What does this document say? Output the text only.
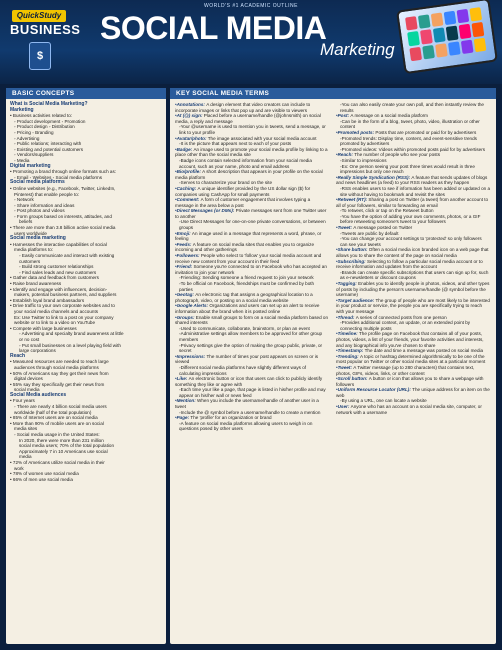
WORLD'S #1 ACADEMIC OUTLINE
QuickStudy
BUSINESS
$
SOCIAL MEDIA
Marketing
BASIC CONCEPTS

What is Social Media Marketing?

Marketing

• Business activities related to:

◦ Product development ◦ Promotion

◦ Product design ◦ Distribution

◦ Pricing ◦ Branding

◦ Advertising

◦ Public relations; interacting with

◦ Existing and potential customers

◦ Vendors/suppliers

◦ Media

Digital marketing

• Promoting a brand through online formats such as:

◦ Email ◦ Websites ◦ Social media platforms

Social media platforms

• Online websites (e.g., Facebook, Twitter, LinkedIn,

Pinterest) that enable people to:

◦ Network

◦ Share information and ideas

◦ Post photos and videos

◦ Form groups based on interests, attitudes, and

beliefs

• There are more than 3.8 billion active social media

users worldwide

Social media marketing

• Harnesses the interactive capabilities of social

media platforms to:

◦ Easily communicate and interact with existing

customers

◦ Build strong customer relationships

◦ Find sales leads and new customers

• Gather data and feedback from customers

• Raise brand awareness

• Identify and engage with influencers, decision-

makers, potential business partners, and suppliers

• Establish loyal brand ambassadors

• Drive traffic to your own corporate websites and to

your social media channels and accounts

Ex: Use Twitter to link to a post on your company

website or to link to a video on YouTube

• Compete with large businesses

◦ Advertising and specialty brand awareness at little

or no cost

◦ Put small businesses on a level playing field with

large corporations

Reach

• Measured resources are needed to reach large

audiences through social media platforms

• 50% of Americans say they get their news from

digital devices

• 55% say they specifically get their news from

social media

Social Media audiences

• Four years

◦ There are nearly 4 billion social media users

worldwide (half of the total population)

• 85% of Internet users are on social media

• More than 90% of mobile users are on social

media sites

◦ Social media usage in the United States:

In 2020, there were more than 231 million

social media users; 70% of the total population

Approximately 7 in 10 Americans use social

media

• 72% of Americans utilize social media in their

work

• 78% of women use social media

• 66% of men use social media

KEY SOCIAL MEDIA TERMS

•Annotations: A design element that video creators can include to incorporate images or links that pop up and are visible to viewers

•At (@) sign: Placed before a username/handle (@johnsmith) on social media, a reply and message

◦Your @username is used to mention you in tweets, send a message, or link to your profile

•Avatar/photo: The image associated with your social media account

◦It is the picture that appears next to each of your posts

•Badge: An image used to promote your social media profile by linking to a place other than the social media site

◦Badge icons contain selected information from your social media account, such as your name, photo and email address

•Bio/profile: A short description that appears in your profile on the social media platform

◦Serves to characterize your brand on the site

•Caching: A unique identifier provided by the US dollar sign ($) for companies using CashApp for small payments

•Comment: A form of customer engagement that involves typing a message in the area below a post

•Direct Messages (or DMs): Private messages sent from one Twitter user to another

◦Use Direct Messages for one-on-one private conversations, or between groups

•Emoji: An image used in a message that represents a word, phrase, or feeling

•Feeds: A feature on social media sites that enables you to organize incoming and other gatherings

•Followers: People who select to 'follow' your social media account and receive new content from your account in their feed

•Friend: Someone you're connected to on Facebook who has accepted an invitation to join your network

◦Friending: Sending someone a friend request to join your network

◦To be official on Facebook, friendships must be confirmed by both parties

•Geotag: An electronic tag that assigns a geographical location to a photograph, video, or posting on a social media website

•Google Alerts: Organizations and users can set up an alert to receive information about the brand when it is posted online

•Groups: Enable small groups to form on a social media platform based on shared interests

◦Used to communicate, collaborate, brainstorm, or plan an event

◦Administrative settings allow members to be approved for other group members

◦Privacy settings give the option of making the group public, private, or secret

•Impressions: The number of times your post appears on screen or is viewed

◦Different social media platforms have slightly different ways of calculating impressions

•Like: An electronic button or icon that users can click to publicly identify something they like or agree with

◦Each time your like a page, that page is listed in his/her profile and may appear on his/her wall or news feed

•Mention: When you include the username/handle of another user in a tweet

◦Include the @ symbol before a username/handle to create a mention

•Page: The 'profile' for an organization or brand

◦A feature on social media platforms allowing users to weigh in on questions posed by other users

◦You can also easily create your own poll, and then instantly review the results

•Post: A message on a social media platform

◦Can be in the form of a blog, tweet, photo, video, illustration or other content

•Promoted posts: Posts that are promoted or paid for by advertisers

◦Promoted trends: Display time, content, and event-sensitive trends promoted by advertisers

◦Promoted videos: Videos within promoted posts paid for by advertisers

•Reach: The number of people who see your posts

◦Similar to impressions

◦Ex: One person seeing your post three times would result in three impressions but only one reach

•Really Simple Syndication (RSS): A feature that sends updates of blogs and news headlines (a feed) to your RSS readers as they happen

◦RSS enables users to see if information has been added or updated on a site without having to bookmark and revisit the sites

•Retweet (RT): Sharing a post on Twitter (a tweet) from another account to all of your followers, similar to forwarding an email

◦To retweet, click or tap on the Retweet button

◦You have the option of adding your own comments, photos, or a GIF before retweeting someone's tweet to your followers

•Tweet: A message posted on Twitter

◦Tweets are public by default

◦You can change your account settings to 'protected' so only followers can see your tweets

•Share button: Often a social media icon branded icon on a web page that allows you to share the content of the page on social media

•Subscribing: Selecting to follow a particular social media account or to receive information and updates from the account

◦Brands can create specific subscriptions that users can sign up for, such as e-newsletters or discount coupons

•Tagging: Enables you to identify people in photos, videos, and other types of posts by including the person's username/handle (@ symbol before the username)

•Target audience: The group of people who are most likely to be interested in your product or service, the people you are specifically trying to reach with your message

•Thread: A series of connected posts from one person

◦Provides additional context, an update, or an extended point by connecting multiple posts

•Timeline: The profile page on Facebook that contains all of your posts, photos, videos, a list of your friends, your favorite activities and interests, and any biographical info you've chosen to share

•Timestamp: The date and time a message was posted on social media

•Trending: A topic or hashtag determined algorithmically to be one of the most popular on Twitter or other social media sites at a particular moment

•Tweet: A Twitter message (up to 280 characters) that contains text, photos, GIFs, videos, links, or other content

•Scroll button: A button or icon that allows you to share a webpage with followers

•Uniform Resource Locator (URL): The unique address for an item on the web

◦By using a URL, one can locate a website

•User: Anyone who has an account on a social media site, computer, or network with a username
